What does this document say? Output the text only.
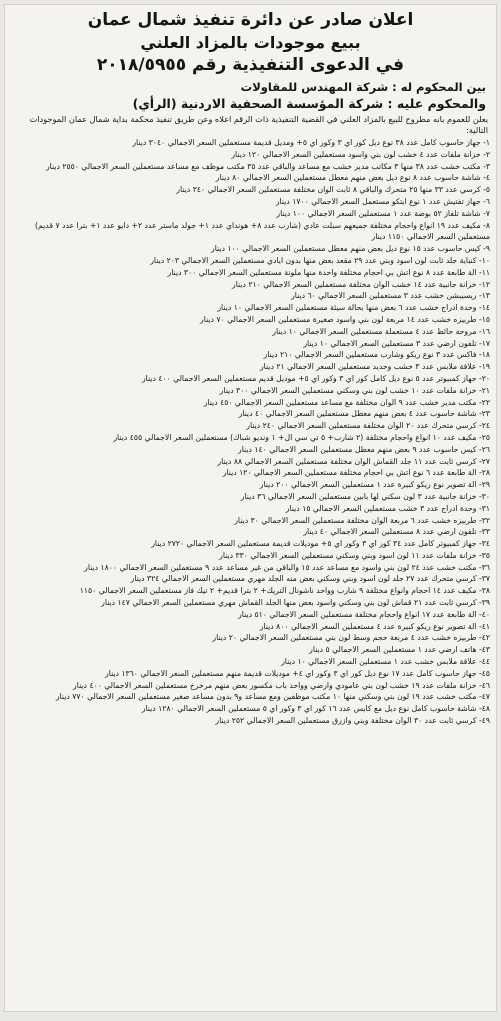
اعلان صادر عن دائرة تنفيذ شمال عمان
ببيع موجودات بالمزاد العلني
في الدعوى التنفيذية رقم ٢٠١٨/٥٩٥٥
بين المحكوم له : شركة المهندس للمقاولات
والمحكوم عليه : شركة المؤسسة الصحفية الاردنية (الرأي)
يعلن للعموم بانه مطروح للبيع بالمزاد العلني في القضية التنفيذية ذات الرقم اعلاه وعن طريق تنفيذ محكمة بداية شمال عمان الموجودات التالية:
١- جهاز حاسوب كامل عدد ٣٨ نوع ديل كور اي ٣ وكور اي ٥+ ومديل قديمة مستعملين السعر الاجمالي ٣٠٤٠ دينار
٢- خزانة ملفات عدد ٤ خشب لون بني واسود مستعملين السعر الاجمالي ١٢٠ دينار
٣- مكتب خشب عدد ٣٨ منها ٣ مكاتب مدير خشب مع مساعد والباقي عدد ٣٥ مكتب موظف مع مساعد مستعملين السعر الاجمالي ٢٥٥٠ دينار
٤- شاشة حاسوب عدد ٨ نوع ديل بعض منهم معطل مستعملين السعر الاجمالي ٨٠ دينار
٥- كرسي عدد ٣٣ منها ٢٥ متحرك والباقي ٨ ثابت الوان مختلفة مستعملين السعر الاجمالي ٣٤٠ دينار
٦- جهاز تفتيش عدد ١ نوع ايتكو مستعمل السعر الاجمالي ١٧٠٠ دينار
٧- شاشة تلفاز ٥٢ بوصة عدد ١ مستعملين السعر الاجمالي ١٠٠ دينار
٨- مكيف عدد ١٩ انواع واحجام مختلفة جميعهم سبلت عادي (شارب عدد ٨+ هونداي عدد ١+ جولد ماستر عدد ٢+ دايو عدد ١+ بترا عدد ٧ قديم) مستعملين السعر الاجمالي ١١٥٠ دينار
٩- كيس حاسوب عدد ١٥ نوع ديل بعض منهم معطل مستعملين السعر الاجمالي ١٠٠ دينار
١٠- كنباية جلد ثابت لون اسود وبني عدد ٢٩ مقعد بعض منها بدون ايادي مستعملين السعر الاجمالي ٢٠٣ دينار
١١- الة طابعة عدد ٨ نوع اتش بي احجام مختلفة واحدة منها ملونة مستعملين السعر الاجمالي ٣٠٠ دينار
١٢- خزانة جانبية عدد ١٤ خشب الوان مختلفة مستعملين السعر الاجمالي ٢١٠ دينار
١٣- ريسيبشن خشب عدد ٣ مستعملين السعر الاجمالي ٦٠ دينار
١٤- وحدة ادراج خشب عدد ٦ بعض منها بحالة سيئة مستعملين السعر الاجمالي ١٠ دينار
١٥- طربيزه خشب عدد ١٤ مربعة لون بني واسود صغيرة مستعملين السعر الاجمالي ٧٠ دينار
١٦- مروحة حائط عدد ٤ مستعملة مستعملين السعر الاجمالي ١٠ دينار
١٧- تلفون ارضي عدد ٣ مستعملين السعر الاجمالي ١٠ دينار
١٨- فاكس عدد ٣ نوع ريكو وشارب مستعملين السعر الاجمالي ٢١٠ دينار
١٩- علاقة ملابس عدد ٣ خشب وحديد مستعملين السعر الاجمالي ٢١ دينار
٢٠- جهاز كمبيوتر عدد ٥ نوع ديل كامل كور اي ٣ وكور اي ٥+ موديل قديم مستعملين السعر الاجمالي ٤٠٠ دينار
٢١- خزانة ملفات عدد ١٠ خشب لون بني وسكني مستعملين السعر الاجمالي ٣٠٠ دينار
٢٢- مكتب مدير خشب عدد ٩ الوان مختلفة مع مساعد مستعملين السعر الاجمالي ٤٥٠ دينار
٢٣- شاشة حاسوب عدد ٤ بعض منهم معطل مستعملين السعر الاجمالي ٤٠ دينار
٢٤- كرسي متحرك عدد ٢٠ الوان مختلفة مستعملين السعر الاجمالي ٢٤٠ دينار
٢٥- مكيف عدد ١٠ انواع واحجام مختلفة (٢ شارب+ ٥ تي سي ال+ ١ ونديو شباك) مستعملين السعر الاجمالي ٤٥٥ دينار
٢٦- كيس حاسوب عدد ٩ بعض منهم معطل مستعملين السعر الاجمالي ١٤٠ دينار
٢٧- كرسي ثابت عدد ١١ جلد القماش الوان مختلفة مستعملين السعر الاجمالي ٨٨ دينار
٢٨- الة طابعة عدد ٦ نوع اتش بي احجام مختلفة مستعملين السعر الاجمالي ١٢٠ دينار
٢٩- الة تصوير نوع ريكو كبيرة عدد ١ مستعملين السعر الاجمالي ٢٠٠ دينار
٣٠- خزانة جانبية عدد ٣ لون سكني لها بابين مستعملين السعر الاجمالي ٣٦ دينار
٣١- وحدة ادراج عدد ٣ خشب مستعملين السعر الاجمالي ١٥ دينار
٣٢- طربيزه خشب عدد ٦ مربعة الوان مختلفة مستعملين السعر الاجمالي ٣٠ دينار
٣٣- تلفون ارضي عدد ٨ مستعملين السعر الاجمالي ٤٠ دينار
٣٤- جهاز كمبيوتر كامل عدد ٣٤ كور اي ٣ وكور اي ٥+ موديلات قديمة مستعملين السعر الاجمالي ٢٧٢٠ دينار
٣٥- خزانة ملفات عدد ١١ لون اسود وبني وسكني مستعملين السعر الاجمالي ٣٣٠ دينار
٣٦- مكتب خشب عدد ٢٤ لون بني واسود مع مساعد عدد ١٥ والباقي من غير مساعد عدد ٩ مستعملين السعر الاجمالي ١٨٠٠ دينار
٣٧- كرسي متحرك عدد ٢٧ جلد لون اسود وبني وسكني بعض منه الجلد مهري مستعملين السعر الاجمالي ٣٢٤ دينار
٣٨- مكيف عدد ١٤ احجام وانواع مختلفة ٩ شارب وواحد ناشونال التريك+ ٢ بترا قديم+ ٢ تيك فاز مستعملين السعر الاجمالي ١١٥٠
٣٩- كرسي ثابت عدد ٢١ قماش لون بني وسكني واسود بعض منها الجلد القماش مهري مستعملين السعر الاجمالي ١٤٧ دينار
٤٠- الة طابعة عدد ١٧ انواع واحجام مختلفة مستعملين السعر الاجمالي ٥١٠ دينار
٤١- الة تصوير نوع ريكو كبيرة عدد ٤ مستعملين السعر الاجمالي ٨٠٠ دينار
٤٢- طربيزه خشب عدد ٤ مربعة حجم وسط لون بني مستعملين السعر الاجمالي ٢٠ دينار
٤٣- هاتف ارضي عدد ١ مستعملين السعر الاجمالي ٥ دينار
٤٤- علاقة ملابس خشب عدد ١ مستعملين السعر الاجمالي ١٠ دينار
٤٥- جهاز حاسوب كامل عدد ١٧ نوع ديل كور اي ٣ وكور اي ٤+ موديلات قديمة منهم مستعملين السعر الاجمالي ١٣٦٠ دينار
٤٦- خزانة ملفات عدد ١٩ خشب لون بني عامودي وارضي وواحد باب مكسور بعض منهم مرخرخ مستعملين السعر الاجمالي ٤٠٠ دينار
٤٧- مكتب خشب عدد ١٩ لون بني وسكني منها ١٠ مكتب موظفين ومع مساعد و٩ بدون مساعد صغير مستعملين السعر الاجمالي ٧٧٠ دينار
٤٨- شاشة حاسوب كامل نوع ديل مع كايس عدد ١٦ كور اي ٣ وكور اي ٥ مستعملين السعر الاجمالي ١٢٨٠ دينار
٤٩- كرسي ثابت عدد ٣٠ الوان مختلفة وبني وازرق مستعملين السعر الاجمالي ٢٥٢ دينار
